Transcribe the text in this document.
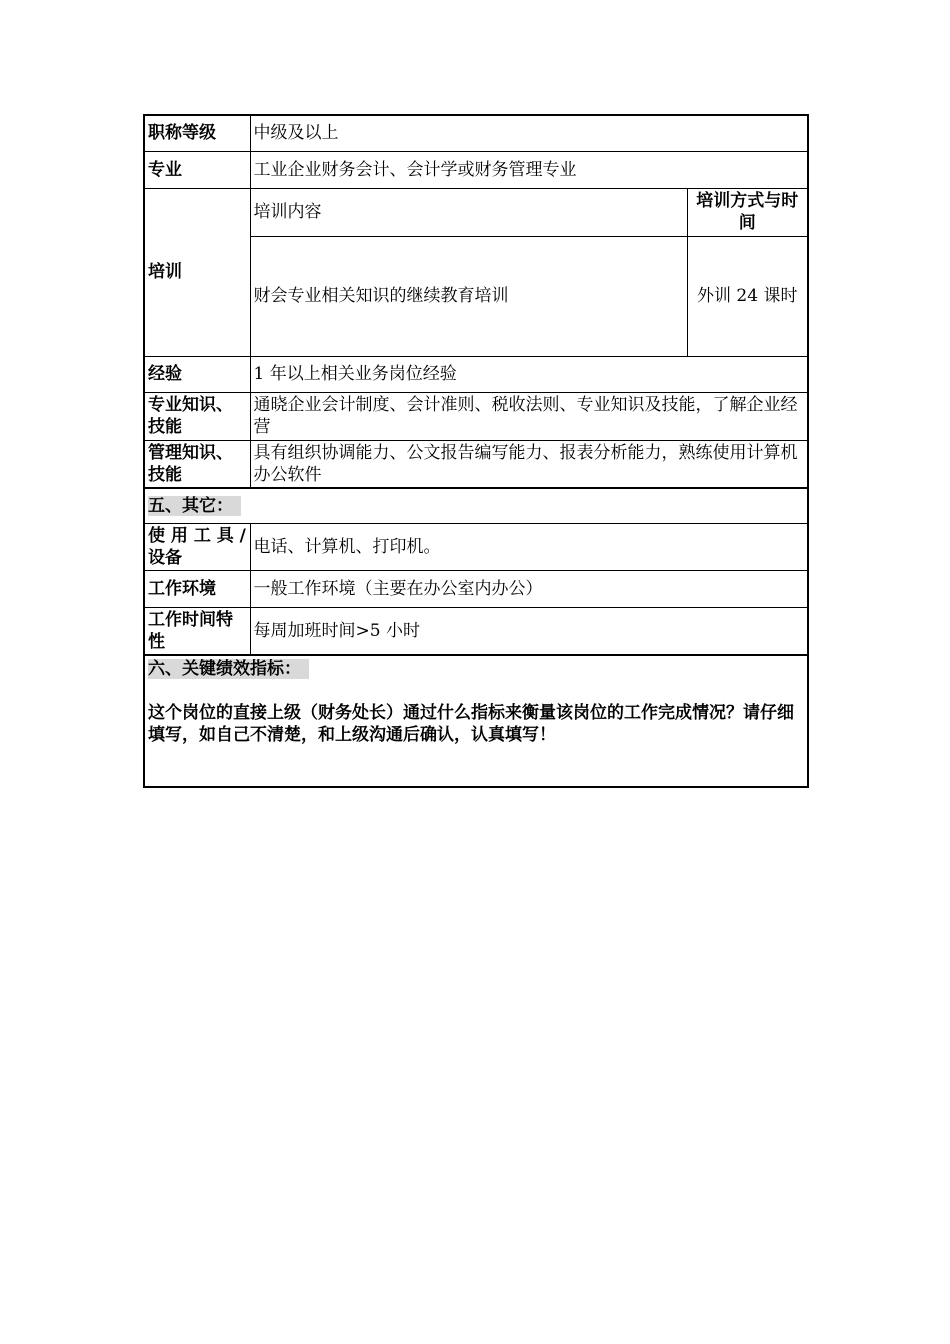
职称等级	中级及以上	
专业	工业企业财务会计、会计学或财务管理专业	
培训	培训内容	培训方式与时间
	财会专业相关知识的继续教育培训	外训 24 课时
经验	1 年以上相关业务岗位经验	
专业知识、技能	通晓企业会计制度、会计准则、税收法则、专业知识及技能，了解企业经营	
管理知识、技能	具有组织协调能力、公文报告编写能力、报表分析能力，熟练使用计算机办公软件	
五、其它：		
使 用 工 具 / 设备	电话、计算机、打印机。	
工作环境	一般工作环境（主要在办公室内办公）	
工作时间特性	每周加班时间>5 小时	

六、关键绩效指标：
这个岗位的直接上级（财务处长）通过什么指标来衡量该岗位的工作完成情况？请仔细填写，如自己不清楚，和上级沟通后确认，认真填写！		
